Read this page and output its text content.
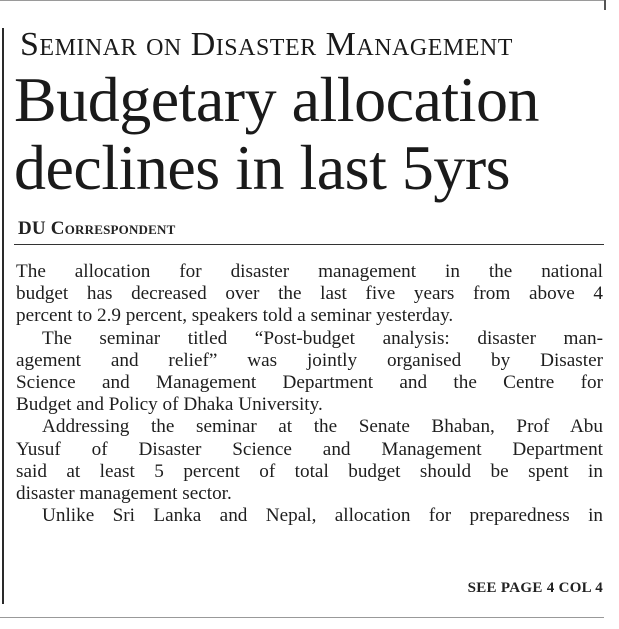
Seminar on Disaster Management
Budgetary allocation
declines in last 5yrs
DU Correspondent
The allocation for disaster management in the national
budget has decreased over the last five years from above 4
percent to 2.9 percent, speakers told a seminar yesterday.
The seminar titled “Post-budget analysis: disaster man-
agement and relief” was jointly organised by Disaster
Science and Management Department and the Centre for
Budget and Policy of Dhaka University.
Addressing the seminar at the Senate Bhaban, Prof Abu
Yusuf of Disaster Science and Management Department
said at least 5 percent of total budget should be spent in
disaster management sector.
Unlike Sri Lanka and Nepal, allocation for preparedness in
SEE PAGE 4 COL 4
